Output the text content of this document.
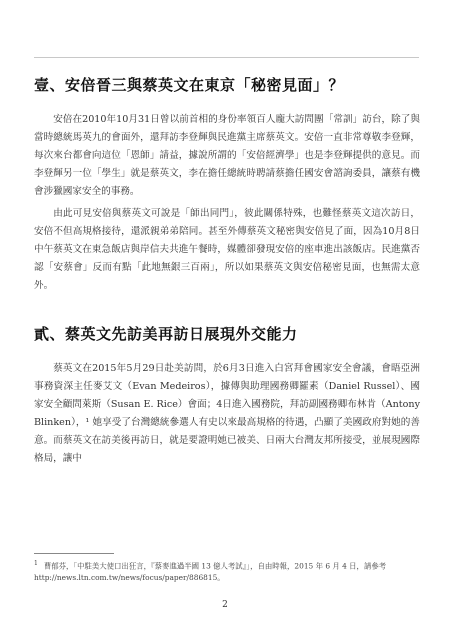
壹、安倍晉三與蔡英文在東京「秘密見面」？

安倍在2010年10月31日曾以前首相的身份率領百人龐大訪問團「常訓」訪台，除了與當時總統馬英九的會面外，還拜訪李登輝與民進黨主席蔡英文。安倍一直非常尊敬李登輝，每次來台都會向這位「恩師」請益，據說所謂的「安倍經濟學」也是李登輝提供的意見。而李登輝另一位「學生」就是蔡英文，李在擔任總統時聘請蔡擔任國安會諮詢委員，讓蔡有機會涉獵國家安全的事務。

由此可見安倍與蔡英文可說是「師出同門」，彼此關係特殊，也難怪蔡英文這次訪日，安倍不但高規格接待，還派親弟弟陪同。甚至外傳蔡英文秘密與安倍見了面，因為10月8日中午蔡英文在東急飯店與岸信夫共進午餐時，媒體卻發現安倍的座車進出該飯店。民進黨否認「安蔡會」反而有點「此地無銀三百兩」，所以如果蔡英文與安倍秘密見面，也無需太意外。

貳、蔡英文先訪美再訪日展現外交能力

蔡英文在2015年5月29日赴美訪問，於6月3日進入白宮拜會國家安全會議，會晤亞洲事務資深主任麥艾文（Evan Medeiros），據傳與助理國務卿羅素（Daniel Russel）、國家安全顧問萊斯（Susan E. Rice）會面；4日進入國務院，拜訪副國務卿布林肯（Antony Blinken），¹ 她享受了台灣總統參選人有史以來最高規格的待遇，凸顯了美國政府對她的善意。而蔡英文在訪美後再訪日，就是要證明她已被美、日兩大台灣友邦所接受，並展現國際格局，讓中

$^1$ 曹郁芬，「中駐美大使口出狂言，『蔡麥進過半國 13 億人考試』」，自由時報，2015 年 6 月 4 日，請參考 http://news.ltn.com.tw/news/focus/paper/886815。
2
